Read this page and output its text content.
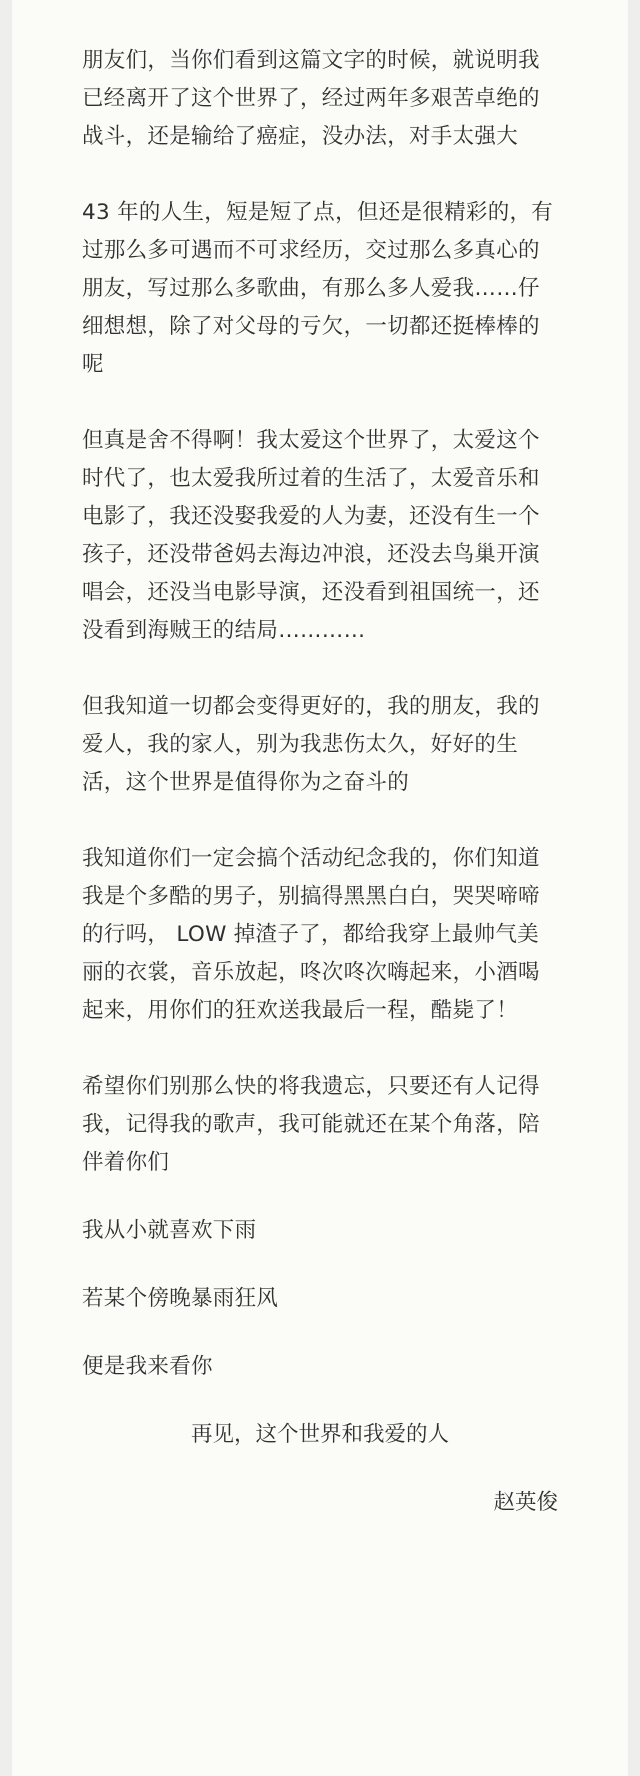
朋友们，当你们看到这篇文字的时候，就说明我已经离开了这个世界了，经过两年多艰苦卓绝的战斗，还是输给了癌症，没办法，对手太强大

43 年的人生，短是短了点，但还是很精彩的，有过那么多可遇而不可求经历，交过那么多真心的朋友，写过那么多歌曲，有那么多人爱我……仔细想想，除了对父母的亏欠，一切都还挺棒棒的呢

但真是舍不得啊！我太爱这个世界了，太爱这个时代了，也太爱我所过着的生活了，太爱音乐和电影了，我还没娶我爱的人为妻，还没有生一个孩子，还没带爸妈去海边冲浪，还没去鸟巢开演唱会，还没当电影导演，还没看到祖国统一，还没看到海贼王的结局…………

但我知道一切都会变得更好的，我的朋友，我的爱人，我的家人，别为我悲伤太久，好好的生活，这个世界是值得你为之奋斗的

我知道你们一定会搞个活动纪念我的，你们知道我是个多酷的男子，别搞得黑黑白白，哭哭啼啼的行吗， LOW 掉渣子了，都给我穿上最帅气美丽的衣裳，音乐放起，咚次咚次嗨起来，小酒喝起来，用你们的狂欢送我最后一程，酷毙了！

希望你们别那么快的将我遗忘，只要还有人记得我，记得我的歌声，我可能就还在某个角落，陪伴着你们

我从小就喜欢下雨

若某个傍晚暴雨狂风

便是我来看你

再见，这个世界和我爱的人

赵英俊
